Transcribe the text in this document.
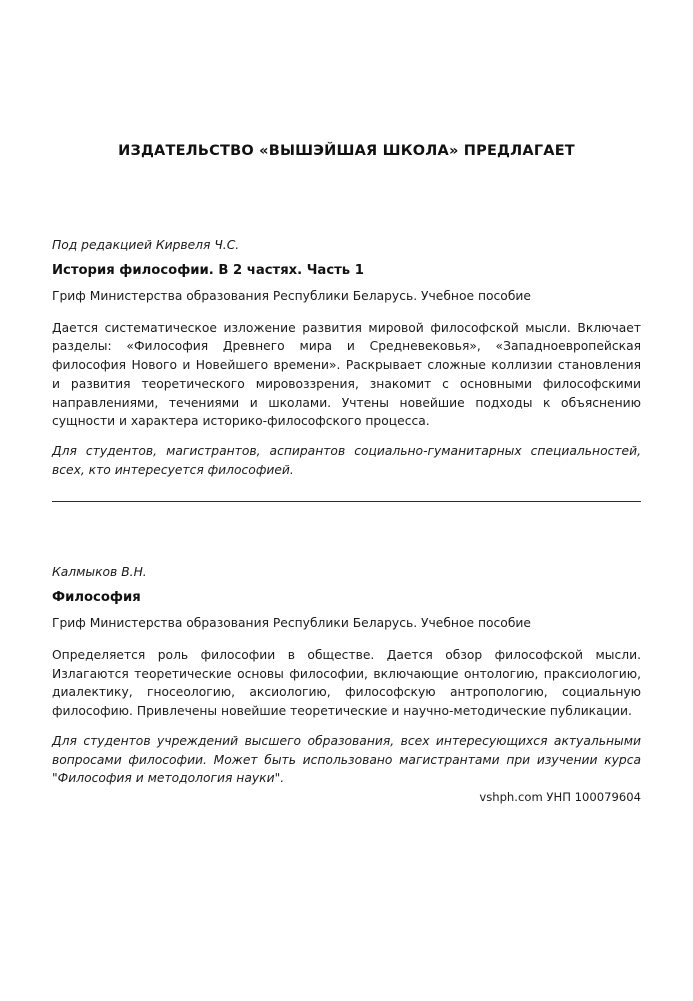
ИЗДАТЕЛЬСТВО «ВЫШЭЙШАЯ ШКОЛА» ПРЕДЛАГАЕТ
Под редакцией Кирвеля Ч.С.
История философии. В 2 частях. Часть 1
Гриф Министерства образования Республики Беларусь. Учебное пособие
Дается систематическое изложение развития мировой философской мысли. Включает разделы: «Философия Древнего мира и Средневековья», «Западноевропейская философия Нового и Новейшего времени». Раскрывает сложные коллизии становления и развития теоретического мировоззрения, знакомит с основными философскими направлениями, течениями и школами. Учтены новейшие подходы к объяснению сущности и характера историко-философского процесса.
Для студентов, магистрантов, аспирантов социально-гуманитарных специальностей, всех, кто интересуется философией.
Калмыков В.Н.
Философия
Гриф Министерства образования Республики Беларусь. Учебное пособие
Определяется роль философии в обществе. Дается обзор философской мысли. Излагаются теоретические основы философии, включающие онтологию, праксиологию, диалектику, гносеологию, аксиологию, философскую антропологию, социальную философию. Привлечены новейшие теоретические и научно-методические публикации.
Для студентов учреждений высшего образования, всех интересующихся актуальными вопросами философии. Может быть использовано магистрантами при изучении курса "Философия и методология науки".
vshph.com УНП 100079604
